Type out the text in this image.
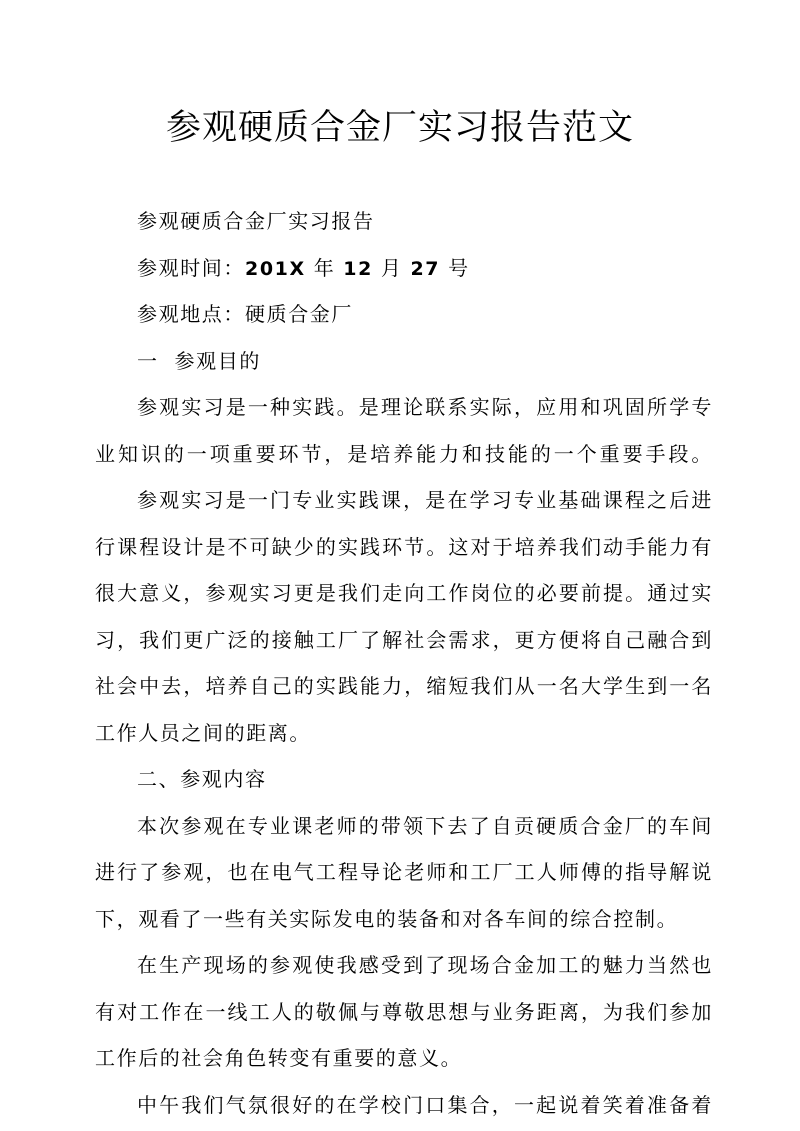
参观硬质合金厂实习报告范文
参观硬质合金厂实习报告
参观时间：201X 年 12 月 27 号
参观地点：硬质合金厂
一  参观目的
参观实习是一种实践。是理论联系实际，应用和巩固所学专
业知识的一项重要环节，是培养能力和技能的一个重要手段。
参观实习是一门专业实践课，是在学习专业基础课程之后进
行课程设计是不可缺少的实践环节。这对于培养我们动手能力有
很大意义，参观实习更是我们走向工作岗位的必要前提。通过实
习，我们更广泛的接触工厂了解社会需求，更方便将自己融合到
社会中去，培养自己的实践能力，缩短我们从一名大学生到一名
工作人员之间的距离。
二、参观内容
本次参观在专业课老师的带领下去了自贡硬质合金厂的车间
进行了参观，也在电气工程导论老师和工厂工人师傅的指导解说
下，观看了一些有关实际发电的装备和对各车间的综合控制。
在生产现场的参观使我感受到了现场合金加工的魅力当然也
有对工作在一线工人的敬佩与尊敬思想与业务距离，为我们参加
工作后的社会角色转变有重要的意义。
中午我们气氛很好的在学校门口集合，一起说着笑着准备着
